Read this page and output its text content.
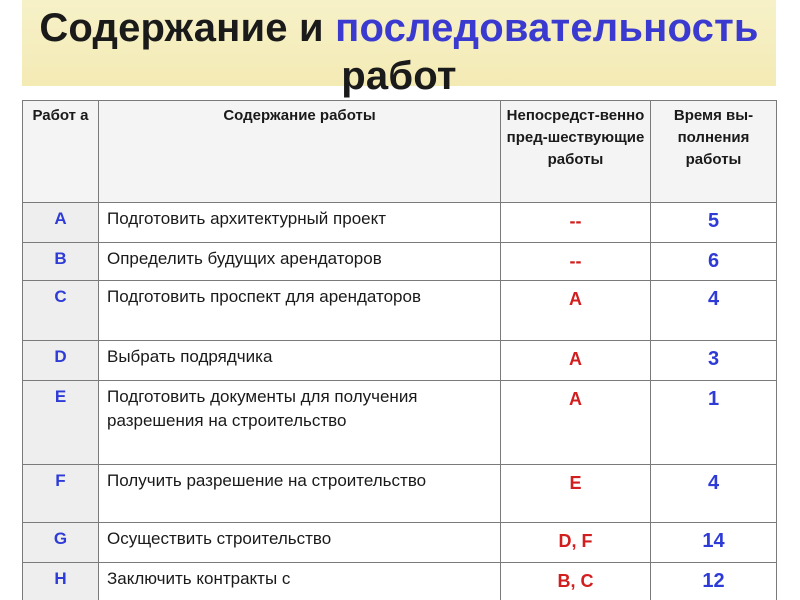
Содержание и последовательность
работ
Работ а	Содержание работы	Непосредст-венно пред-шествующие работы	Время вы-полнения работы
A	Подготовить архитектурный проект	--	5
B	Определить будущих арендаторов	--	6
C	Подготовить проспект для арендаторов	A	4
D	Выбрать подрядчика	A	3
E	Подготовить документы для получения разрешения на строительство	A	1
F	Получить разрешение на строительство	E	4
G	Осуществить строительство	D, F	14
H	Заключить контракты с	B, C	12
